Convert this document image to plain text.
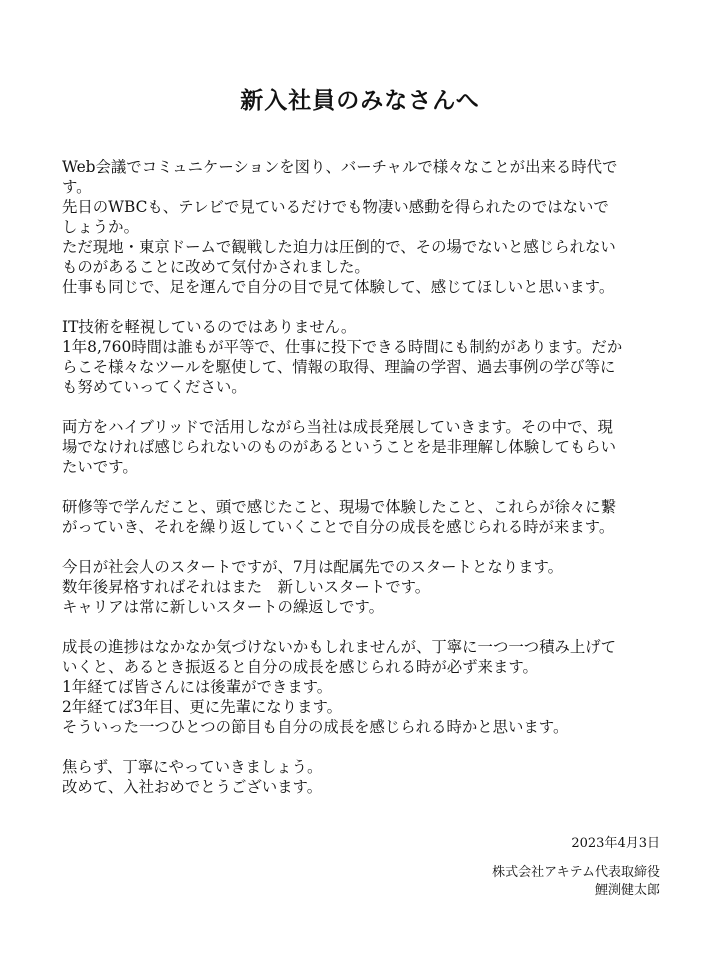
新入社員のみなさんへ
Web会議でコミュニケーションを図り、バーチャルで様々なことが出来る時代で
す。
先日のWBCも、テレビで見ているだけでも物凄い感動を得られたのではないで
しょうか。
ただ現地・東京ドームで観戦した迫力は圧倒的で、その場でないと感じられない
ものがあることに改めて気付かされました。
仕事も同じで、足を運んで自分の目で見て体験して、感じてほしいと思います。
IT技術を軽視しているのではありません。
1年8,760時間は誰もが平等で、仕事に投下できる時間にも制約があります。だか
らこそ様々なツールを駆使して、情報の取得、理論の学習、過去事例の学び等に
も努めていってください。
両方をハイブリッドで活用しながら当社は成長発展していきます。その中で、現
場でなければ感じられないのものがあるということを是非理解し体験してもらい
たいです。
研修等で学んだこと、頭で感じたこと、現場で体験したこと、これらが徐々に繋
がっていき、それを繰り返していくことで自分の成長を感じられる時が来ます。
今日が社会人のスタートですが、7月は配属先でのスタートとなります。
数年後昇格すればそれはまた　新しいスタートです。
キャリアは常に新しいスタートの繰返しです。
成長の進捗はなかなか気づけないかもしれませんが、丁寧に一つ一つ積み上げて
いくと、あるとき振返ると自分の成長を感じられる時が必ず来ます。
1年経てば皆さんには後輩ができます。
2年経てば3年目、更に先輩になります。
そういった一つひとつの節目も自分の成長を感じられる時かと思います。
焦らず、丁寧にやっていきましょう。
改めて、入社おめでとうございます。
2023年4月3日
株式会社アキテム代表取締役
鯉渕健太郎
